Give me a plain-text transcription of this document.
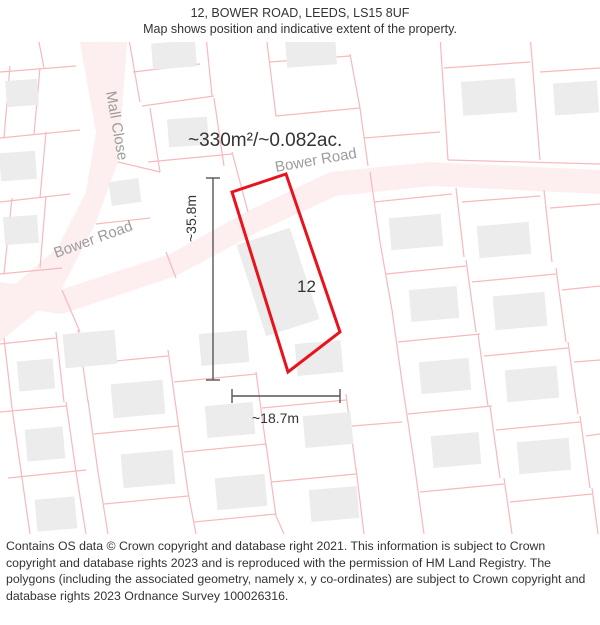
12, BOWER ROAD, LEEDS, LS15 8UF
Map shows position and indicative extent of the property.
Mall Close
Bower Road
Bower Road
~330m²/~0.082ac.
12
~35.8m
~18.7m
Contains OS data © Crown copyright and database right 2021. This information is subject to Crown copyright and database rights 2023 and is reproduced with the permission of HM Land Registry. The polygons (including the associated geometry, namely x, y co-ordinates) are subject to Crown copyright and database rights 2023 Ordnance Survey 100026316.
